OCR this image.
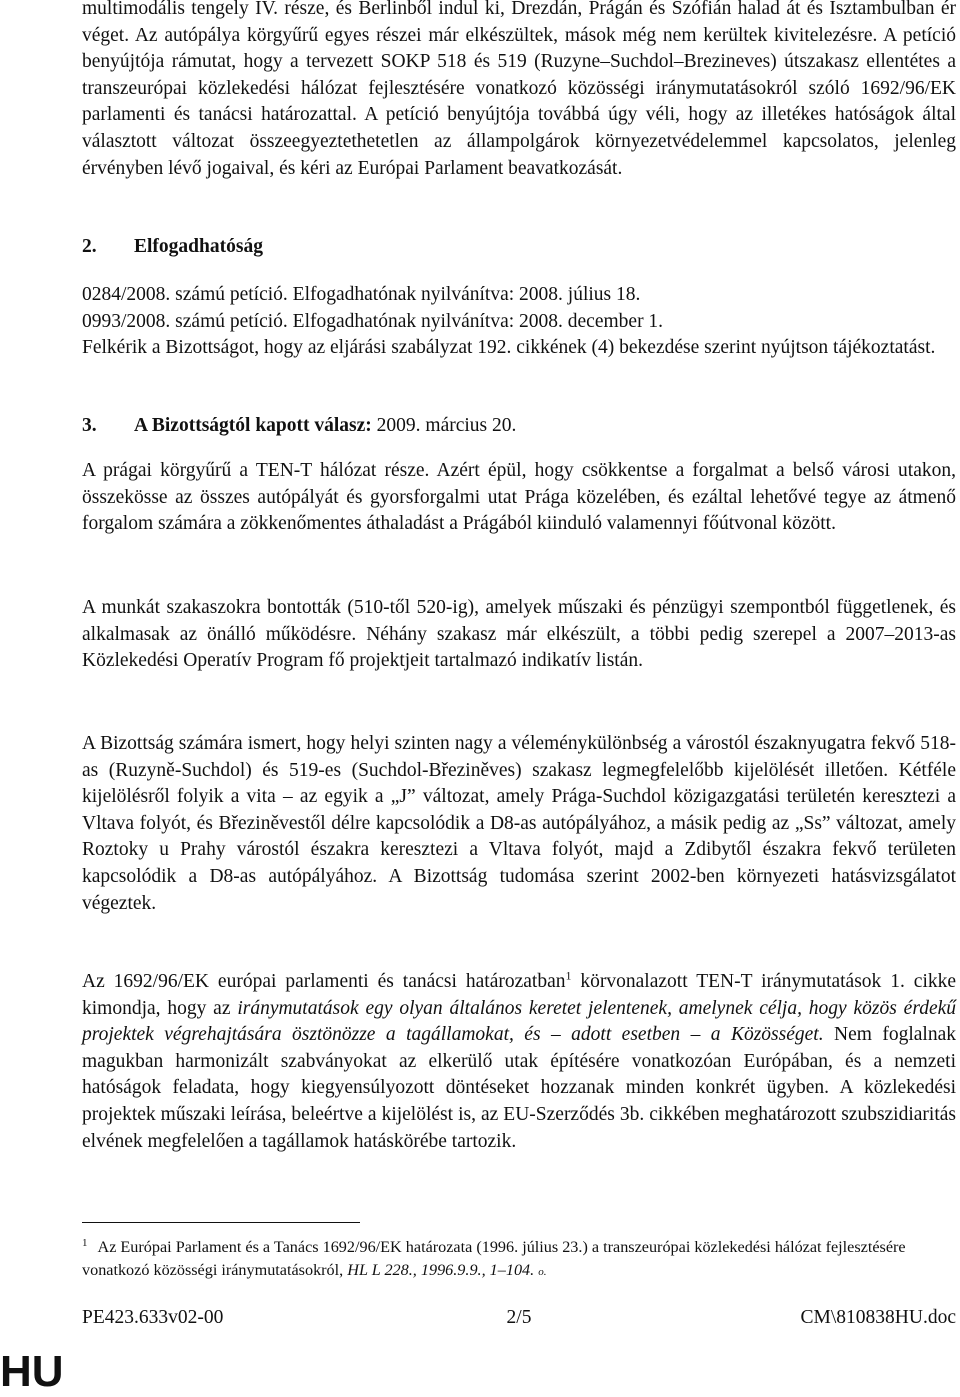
multimodális tengely IV. része, és Berlinből indul ki, Drezdán, Prágán és Szófián halad át és Isztambulban ér véget. Az autópálya körgyűrű egyes részei már elkészültek, mások még nem kerültek kivitelezésre. A petíció benyújtója rámutat, hogy a tervezett SOKP 518 és 519 (Ruzyne–Suchdol–Brezineves) útszakasz ellentétes a transzeurópai közlekedési hálózat fejlesztésére vonatkozó közösségi iránymutatásokról szóló 1692/96/EK parlamenti és tanácsi határozattal. A petíció benyújtója továbbá úgy véli, hogy az illetékes hatóságok által választott változat összeegyeztethetetlen az állampolgárok környezetvédelemmel kapcsolatos, jelenleg érvényben lévő jogaival, és kéri az Európai Parlament beavatkozását.

2. Elfogadhatóság

0284/2008. számú petíció. Elfogadhatónak nyilvánítva: 2008. július 18.

0993/2008. számú petíció. Elfogadhatónak nyilvánítva: 2008. december 1.

Felkérik a Bizottságot, hogy az eljárási szabályzat 192. cikkének (4) bekezdése szerint nyújtson tájékoztatást.

3. A Bizottságtól kapott válasz: 2009. március 20.

A prágai körgyűrű a TEN-T hálózat része. Azért épül, hogy csökkentse a forgalmat a belső városi utakon, összekösse az összes autópályát és gyorsforgalmi utat Prága közelében, és ezáltal lehetővé tegye az átmenő forgalom számára a zökkenőmentes áthaladást a Prágából kiinduló valamennyi főútvonal között.

A munkát szakaszokra bontották (510-től 520-ig), amelyek műszaki és pénzügyi szempontból függetlenek, és alkalmasak az önálló működésre. Néhány szakasz már elkészült, a többi pedig szerepel a 2007–2013-as Közlekedési Operatív Program fő projektjeit tartalmazó indikatív listán.

A Bizottság számára ismert, hogy helyi szinten nagy a véleménykülönbség a várostól északnyugatra fekvő 518-as (Ruzyně-Suchdol) és 519-es (Suchdol-Březiněves) szakasz legmegfelelőbb kijelölését illetően. Kétféle kijelölésről folyik a vita – az egyik a „J” változat, amely Prága-Suchdol közigazgatási területén keresztezi a Vltava folyót, és Březiněvestől délre kapcsolódik a D8-as autópályához, a másik pedig az „Ss” változat, amely Roztoky u Prahy várostól északra keresztezi a Vltava folyót, majd a Zdibytől északra fekvő területen kapcsolódik a D8-as autópályához. A Bizottság tudomása szerint 2002-ben környezeti hatásvizsgálatot végeztek.

Az 1692/96/EK európai parlamenti és tanácsi határozatban$^1$ körvonalazott TEN-T iránymutatások 1. cikke kimondja, hogy az iránymutatások egy olyan általános keretet jelentenek, amelynek célja, hogy közös érdekű projektek végrehajtására ösztönözze a tagállamokat, és – adott esetben – a Közösséget. Nem foglalnak magukban harmonizált szabványokat az elkerülő utak építésére vonatkozóan Európában, és a nemzeti hatóságok feladata, hogy kiegyensúlyozott döntéseket hozzanak minden konkrét ügyben. A közlekedési projektek műszaki leírása, beleértve a kijelölést is, az EU-Szerződés 3b. cikkében meghatározott szubszidiaritás elvének megfelelően a tagállamok hatáskörébe tartozik.

$^1$ Az Európai Parlament és a Tanács 1692/96/EK határozata (1996. július 23.) a transzeurópai közlekedési hálózat fejlesztésére vonatkozó közösségi iránymutatásokról, HL L 228., 1996.9.9., 1–104. o.
PE423.633v02-00	2/5	CM\810838HU.doc
HU
